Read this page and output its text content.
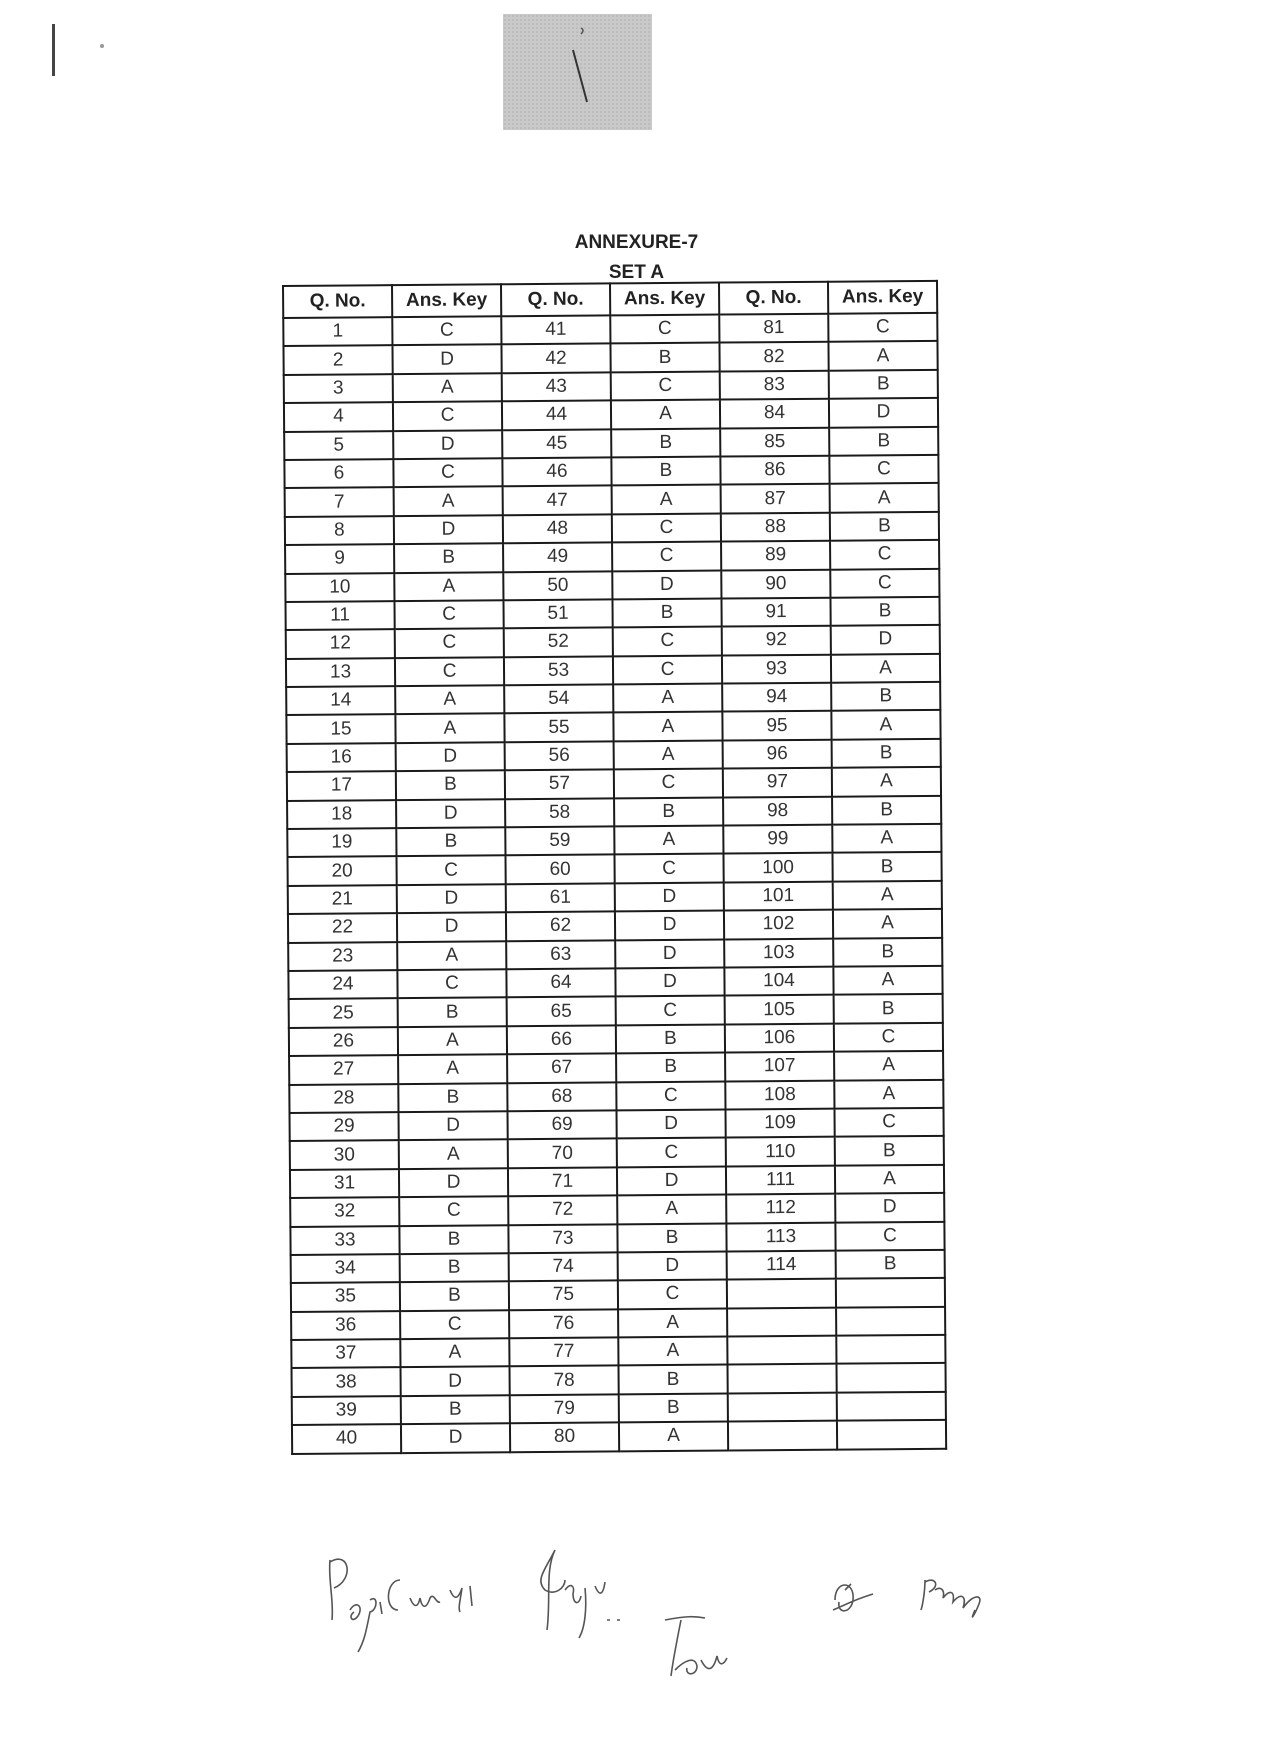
ANNEXURE-7
SET A
Q. No.	Ans. Key	Q. No.	Ans. Key	Q. No.	Ans. Key
1	C	41	C	81	C
2	D	42	B	82	A
3	A	43	C	83	B
4	C	44	A	84	D
5	D	45	B	85	B
6	C	46	B	86	C
7	A	47	A	87	A
8	D	48	C	88	B
9	B	49	C	89	C
10	A	50	D	90	C
11	C	51	B	91	B
12	C	52	C	92	D
13	C	53	C	93	A
14	A	54	A	94	B
15	A	55	A	95	A
16	D	56	A	96	B
17	B	57	C	97	A
18	D	58	B	98	B
19	B	59	A	99	A
20	C	60	C	100	B
21	D	61	D	101	A
22	D	62	D	102	A
23	A	63	D	103	B
24	C	64	D	104	A
25	B	65	C	105	B
26	A	66	B	106	C
27	A	67	B	107	A
28	B	68	C	108	A
29	D	69	D	109	C
30	A	70	C	110	B
31	D	71	D	111	A
32	C	72	A	112	D
33	B	73	B	113	C
34	B	74	D	114	B
35	B	75	C		
36	C	76	A		
37	A	77	A		
38	D	78	B		
39	B	79	B		
40	D	80	A		
